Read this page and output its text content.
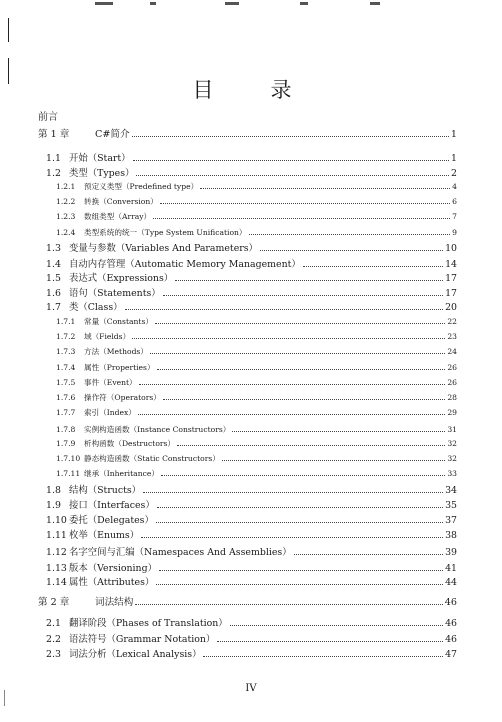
目　录
前言
第 1 章	C#简介	1
1.1 开始（Start）	1
1.2 类型（Types）	2
1.2.1	预定义类型（Predefined type）	4
1.2.2	转换（Conversion）	6
1.2.3	数组类型（Array）	7
1.2.4	类型系统的统一（Type System Unification）	9
1.3 变量与参数（Variables And Parameters）	10
1.4 自动内存管理（Automatic Memory Management）	14
1.5 表达式（Expressions）	17
1.6 语句（Statements）	17
1.7 类（Class）	20
1.7.1	常量（Constants）	22
1.7.2	域（Fields）	23
1.7.3	方法（Methods）	24
1.7.4	属性（Properties）	26
1.7.5	事件（Event）	26
1.7.6	操作符（Operators）	28
1.7.7	索引（Index）	29
1.7.8	实例构造函数（Instance Constructors）	31
1.7.9	析构函数（Destructors）	32
1.7.10 静态构造函数（Static Constructors）	32
1.7.11 继承（Inheritance）	33
1.8 结构（Structs）	34
1.9 接口（Interfaces）	35
1.10 委托（Delegates）	37
1.11 枚举（Enums）	38
1.12 名字空间与汇编（Namespaces And Assemblies）	39
1.13 版本（Versioning）	41
1.14 属性（Attributes）	44
第 2 章	词法结构	46
2.1 翻译阶段（Phases of Translation）	46
2.2 语法符号（Grammar Notation）	46
2.3 词法分析（Lexical Analysis）	47
IV
